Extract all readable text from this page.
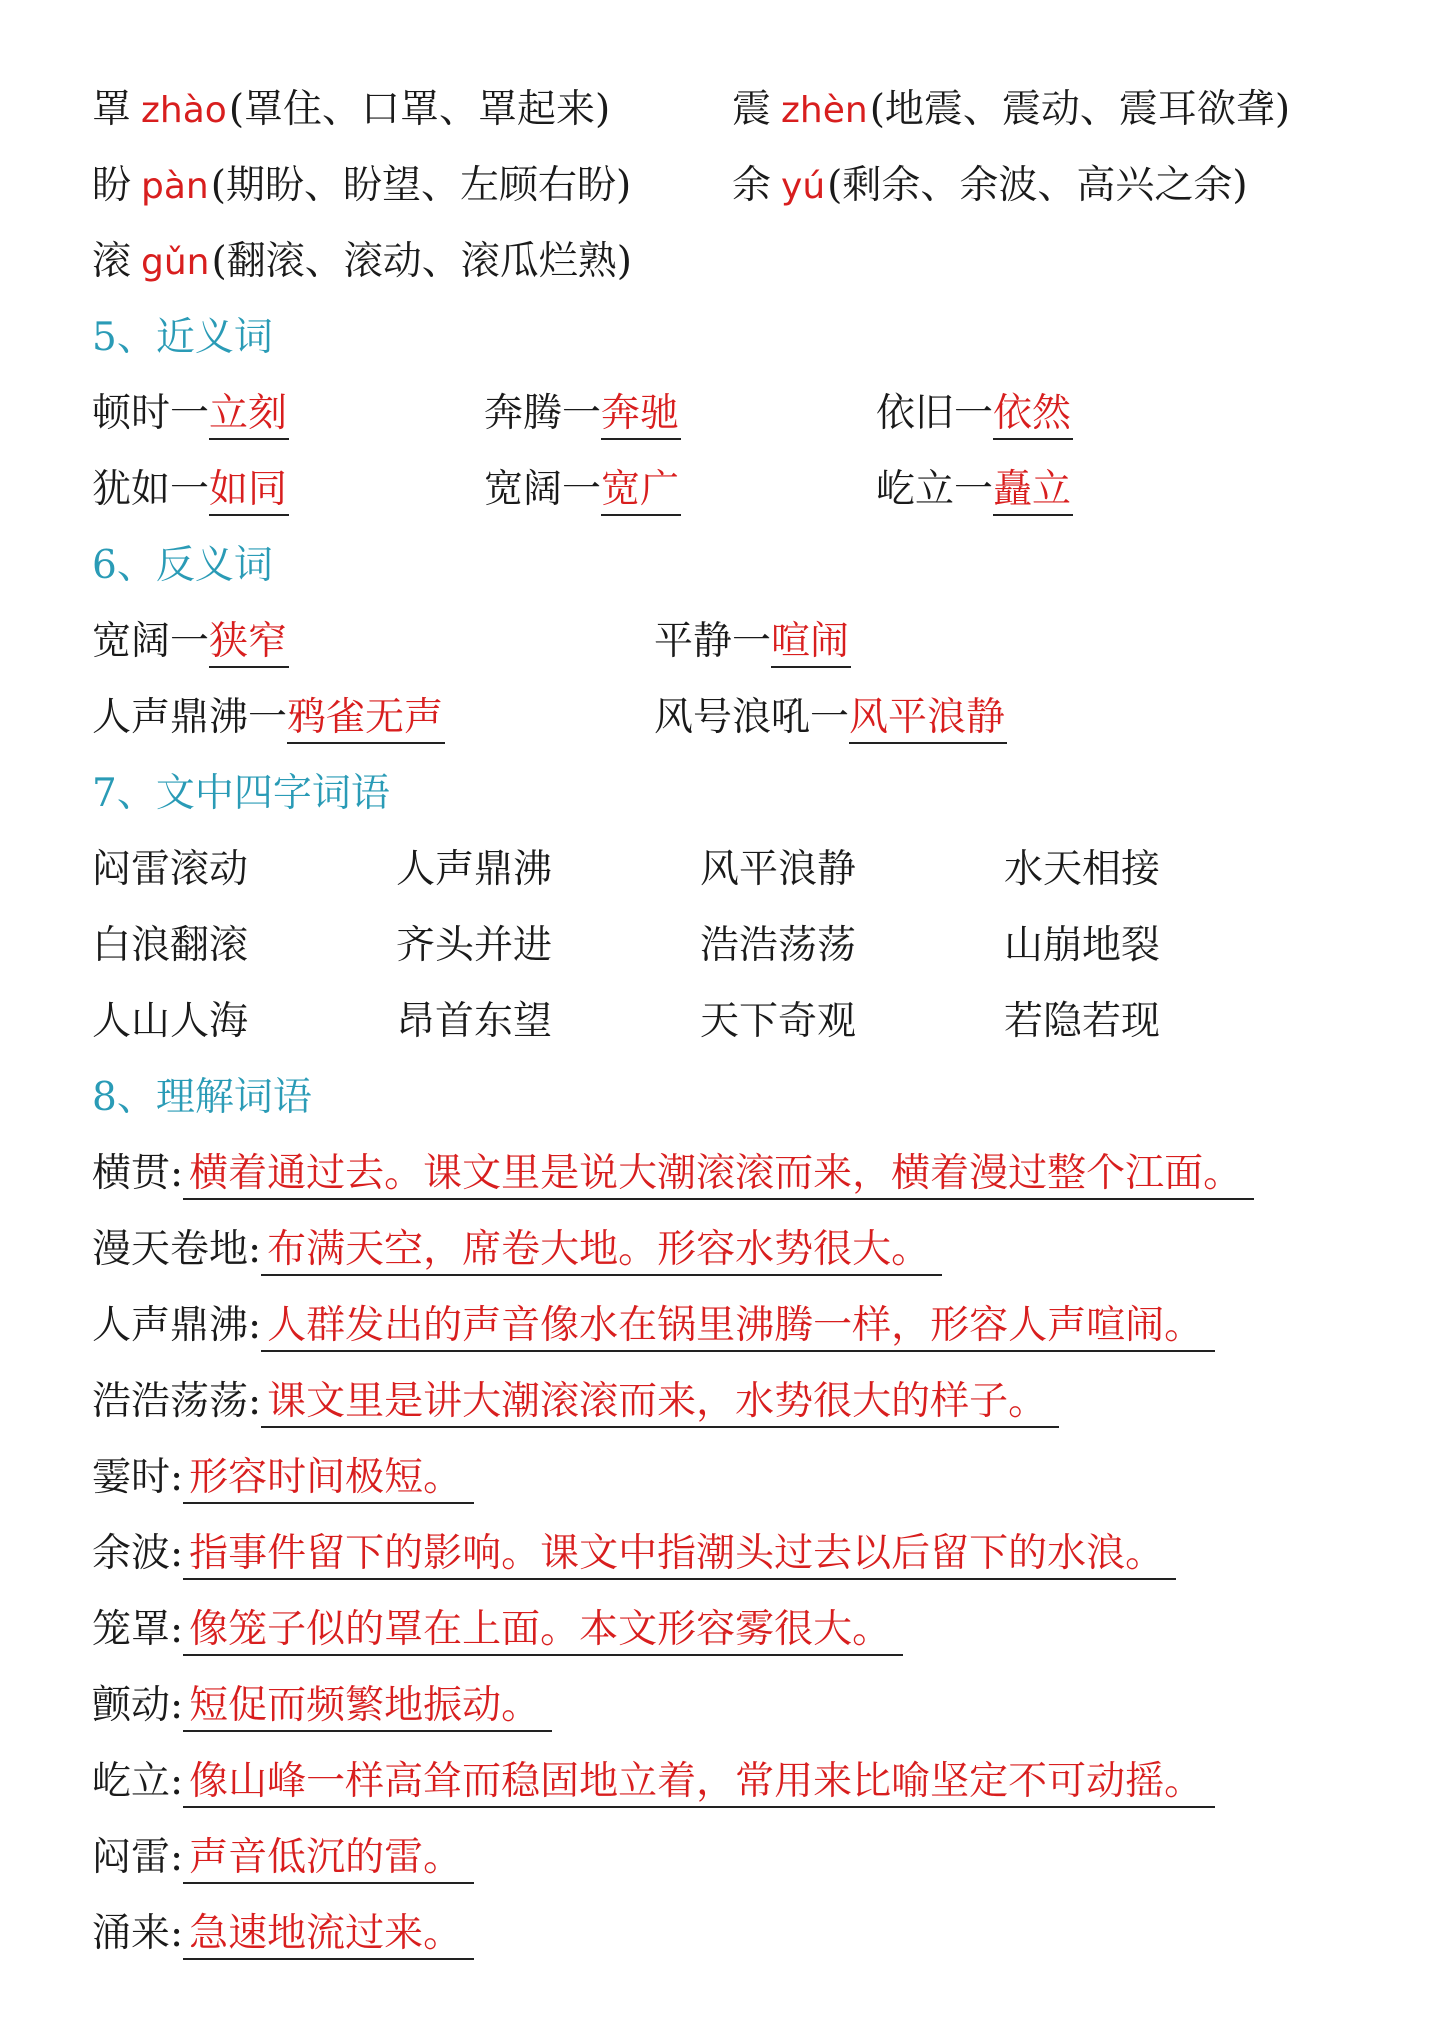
罩 zhào(罩住、口罩、罩起来)	震 zhèn(地震、震动、震耳欲聋)
盼 pàn(期盼、盼望、左顾右盼)	余 yú(剩余、余波、高兴之余)
滚 gǔn(翻滚、滚动、滚瓜烂熟)
5、近义词
顿时一立刻	奔腾一奔驰	依旧一依然
犹如一如同	宽阔一宽广	屹立一矗立
6、反义词
宽阔一狭窄	平静一喧闹
人声鼎沸一鸦雀无声	风号浪吼一风平浪静
7、文中四字词语
闷雷滚动	人声鼎沸	风平浪静	水天相接
白浪翻滚	齐头并进	浩浩荡荡	山崩地裂
人山人海	昂首东望	天下奇观	若隐若现
8、理解词语
横贯: 横着通过去。课文里是说大潮滚滚而来，横着漫过整个江面。
漫天卷地: 布满天空，席卷大地。形容水势很大。
人声鼎沸: 人群发出的声音像水在锅里沸腾一样，形容人声喧闹。
浩浩荡荡: 课文里是讲大潮滚滚而来，水势很大的样子。
霎时: 形容时间极短。
余波: 指事件留下的影响。课文中指潮头过去以后留下的水浪。
笼罩: 像笼子似的罩在上面。本文形容雾很大。
颤动: 短促而频繁地振动。
屹立: 像山峰一样高耸而稳固地立着，常用来比喻坚定不可动摇。
闷雷: 声音低沉的雷。
涌来: 急速地流过来。
